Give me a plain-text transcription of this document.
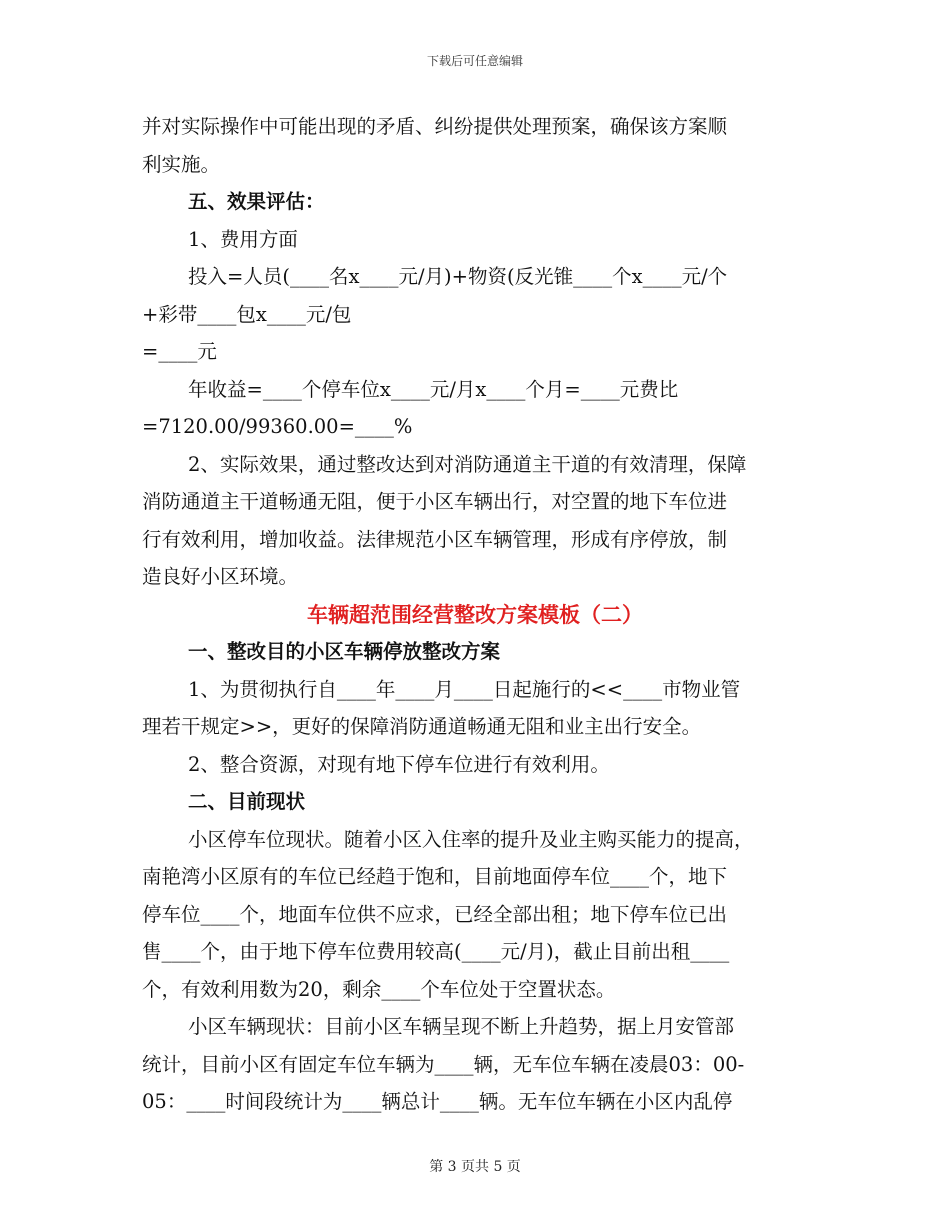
下载后可任意编辑
并对实际操作中可能出现的矛盾、纠纷提供处理预案，确保该方案顺
利实施。
五、效果评估：
1、费用方面
投入=人员(____名x____元/月)+物资(反光锥____个x____元/个
+彩带____包x____元/包
=____元
年收益=____个停车位x____元/月x____个月=____元费比
=7120.00/99360.00=____%
2、实际效果，通过整改达到对消防通道主干道的有效清理，保障
消防通道主干道畅通无阻，便于小区车辆出行，对空置的地下车位进
行有效利用，增加收益。法律规范小区车辆管理，形成有序停放，制
造良好小区环境。
车辆超范围经营整改方案模板（二）
一、整改目的小区车辆停放整改方案
1、为贯彻执行自____年____月____日起施行的<<____市物业管
理若干规定>>，更好的保障消防通道畅通无阻和业主出行安全。
2、整合资源，对现有地下停车位进行有效利用。
二、目前现状
小区停车位现状。随着小区入住率的提升及业主购买能力的提高，
南艳湾小区原有的车位已经趋于饱和，目前地面停车位____个，地下
停车位____个，地面车位供不应求，已经全部出租；地下停车位已出
售____个，由于地下停车位费用较高(____元/月)，截止目前出租____
个，有效利用数为20，剩余____个车位处于空置状态。
小区车辆现状：目前小区车辆呈现不断上升趋势，据上月安管部
统计，目前小区有固定车位车辆为____辆，无车位车辆在凌晨03：00-
05：____时间段统计为____辆总计____辆。无车位车辆在小区内乱停
第 3 页共 5 页
